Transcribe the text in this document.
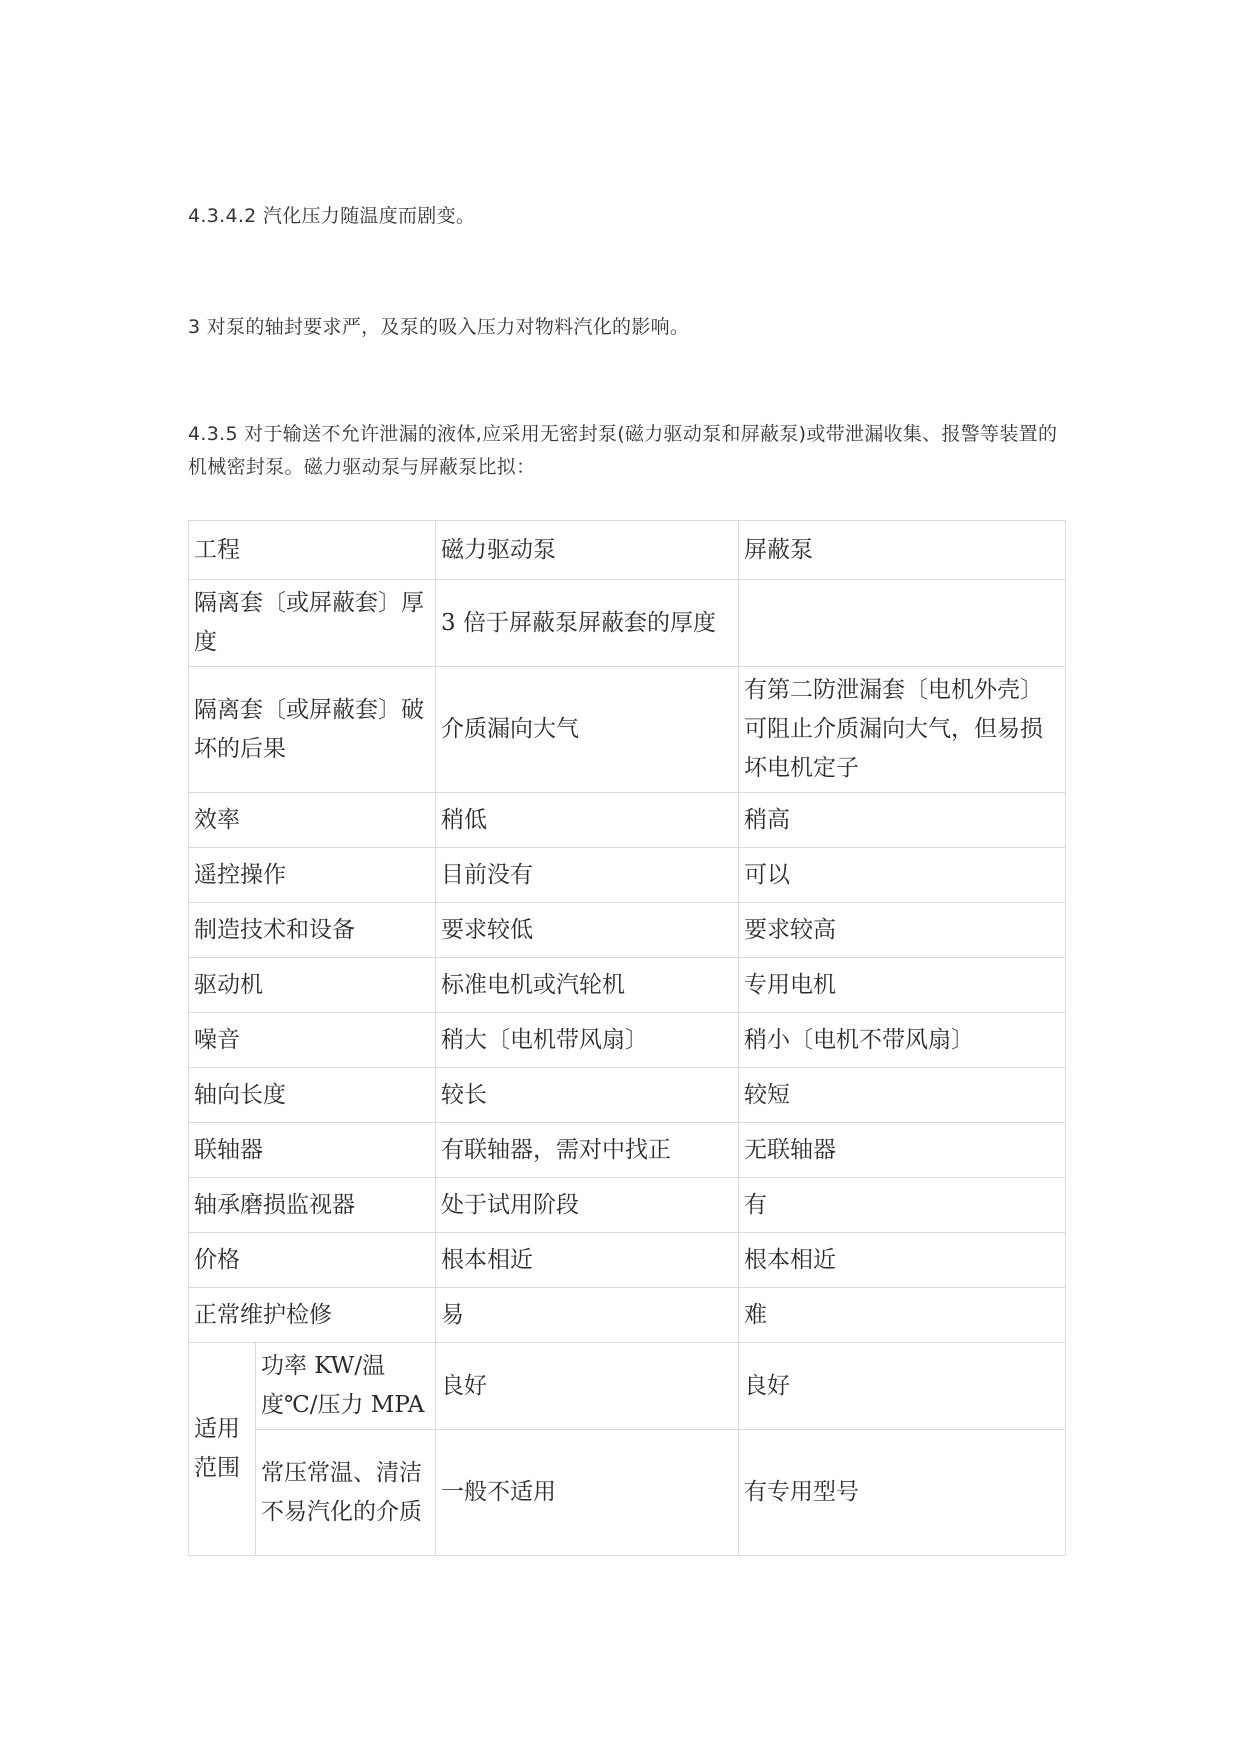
4.3.4.2 汽化压力随温度而剧变。
3 对泵的轴封要求严，及泵的吸入压力对物料汽化的影响。
4.3.5 对于输送不允许泄漏的液体,应采用无密封泵(磁力驱动泵和屏蔽泵)或带泄漏收集、报警等装置的机械密封泵。磁力驱动泵与屏蔽泵比拟：
工程		磁力驱动泵	屏蔽泵
隔离套〔或屏蔽套〕厚度		3 倍于屏蔽泵屏蔽套的厚度	
隔离套〔或屏蔽套〕破坏的后果		介质漏向大气	有第二防泄漏套〔电机外壳〕可阻止介质漏向大气，但易损坏电机定子
效率		稍低	稍高
遥控操作		目前没有	可以
制造技术和设备		要求较低	要求较高
驱动机		标准电机或汽轮机	专用电机
噪音		稍大〔电机带风扇〕	稍小〔电机不带风扇〕
轴向长度		较长	较短
联轴器		有联轴器，需对中找正	无联轴器
轴承磨损监视器		处于试用阶段	有
价格		根本相近	根本相近
正常维护检修		易	难
适用范围	功率 KW/温度℃/压力 MPA	良好	良好
	常压常温、清洁不易汽化的介质	一般不适用	有专用型号
